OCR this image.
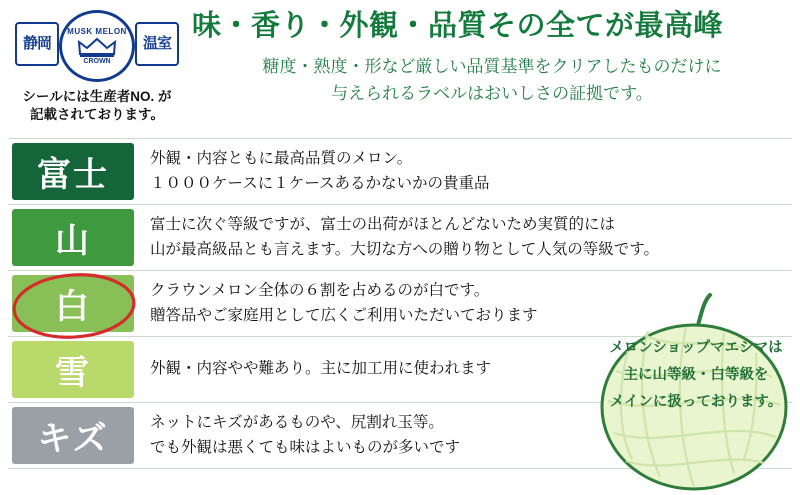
静岡
MUSK MELON
CROWN
温室
シールには生産者NO. が
記載されております。
味・香り・外観・品質その全てが最高峰
糖度・熟度・形など厳しい品質基準をクリアしたものだけに
与えられるラベルはおいしさの証拠です。
富士	外観・内容ともに最高品質のメロン。
１０００ケースに１ケースあるかないかの貴重品
山	富士に次ぐ等級ですが、富士の出荷がほとんどないため実質的には
山が最高級品とも言えます。大切な方への贈り物として人気の等級です。
白	クラウンメロン全体の６割を占めるのが白です。
贈答品やご家庭用として広くご利用いただいております
雪	外観・内容やや難あり。主に加工用に使われます
キズ	ネットにキズがあるものや、尻割れ玉等。
でも外観は悪くても味はよいものが多いです
メロンショップマエシマは
主に山等級・白等級を
メインに扱っております。
